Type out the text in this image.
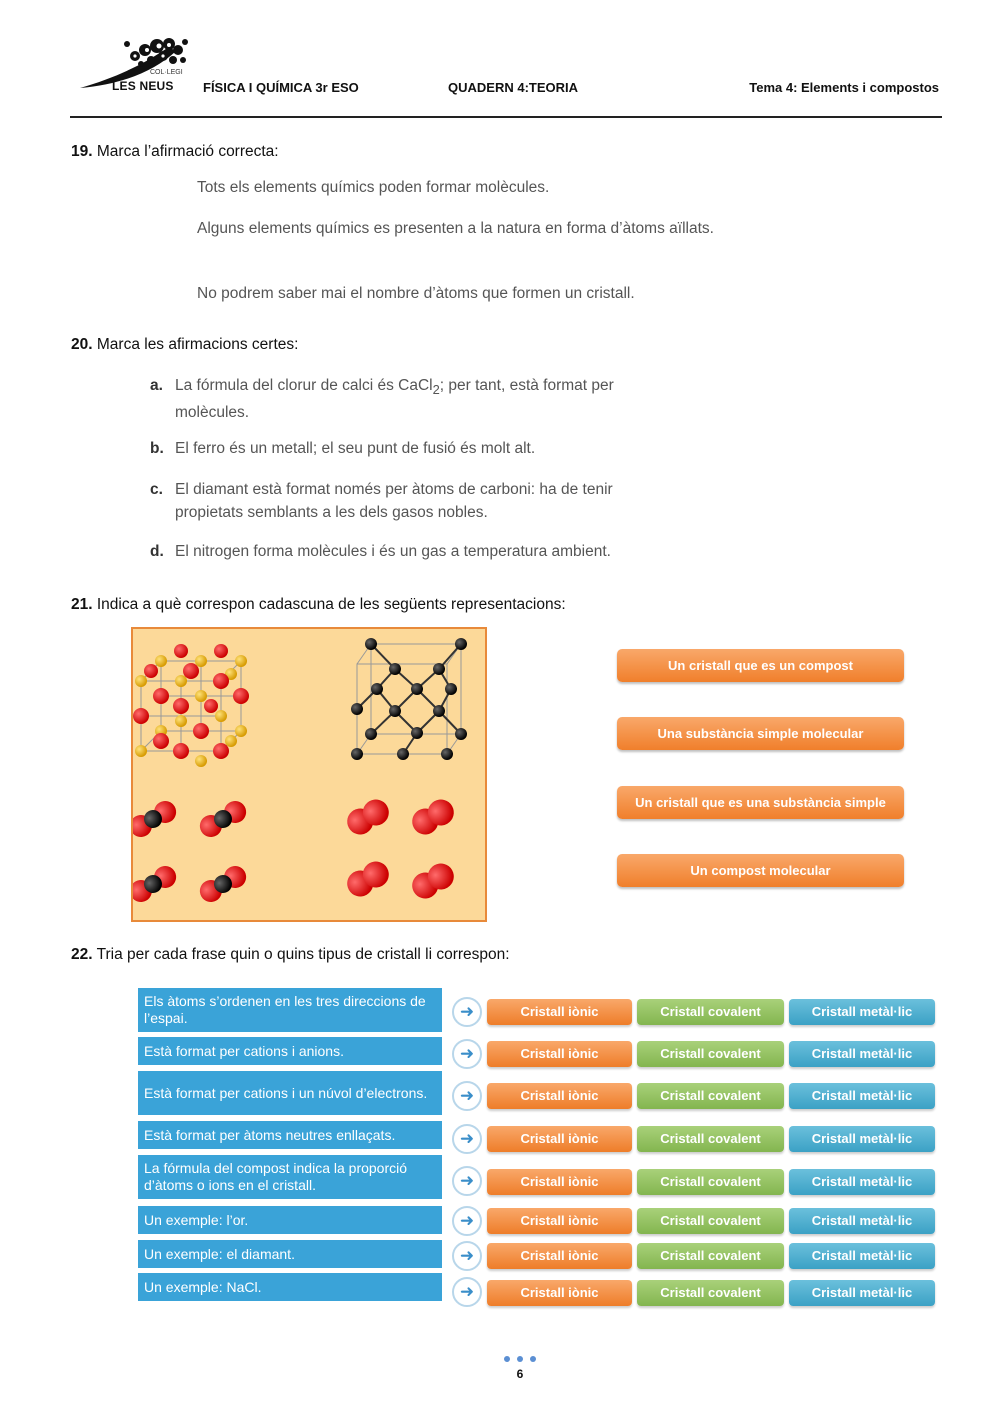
COL·LEGI
LES NEUS FÍSICA I QUÍMICA 3r ESO	QUADERN 4:TEORIA	Tema 4: Elements i compostos
19. Marca l’afirmació correcta:
Tots els elements químics poden formar molècules.
Alguns elements químics es presenten a la natura en forma d’àtoms aïllats.
No podrem saber mai el nombre d’àtoms que formen un cristall.
20. Marca les afirmacions certes:
a. La fórmula del clorur de calci és CaCl$_2$; per tant, està format per molècules.
b. El ferro és un metall; el seu punt de fusió és molt alt.
c. El diamant està format només per àtoms de carboni: ha de tenir propietats semblants a les dels gasos nobles.
d. El nitrogen forma molècules i és un gas a temperatura ambient.
21. Indica a què correspon cadascuna de les següents representacions:
Un cristall que es un compost
Una substància simple molecular
Un cristall que es una substància simple
Un compost molecular
22. Tria per cada frase quin o quins tipus de cristall li correspon:
Els àtoms s’ordenen en les tres direccions de l’espai.	➜	Cristall iònic	Cristall covalent	Cristall metàl·lic
Està format per cations i anions.	➜	Cristall iònic	Cristall covalent	Cristall metàl·lic
Està format per cations i un núvol d’electrons.	➜	Cristall iònic	Cristall covalent	Cristall metàl·lic
Està format per àtoms neutres enllaçats.	➜	Cristall iònic	Cristall covalent	Cristall metàl·lic
La fórmula del compost indica la proporció d’àtoms o ions en el cristall.	➜	Cristall iònic	Cristall covalent	Cristall metàl·lic
Un exemple: l’or.	➜	Cristall iònic	Cristall covalent	Cristall metàl·lic
Un exemple: el diamant.	➜	Cristall iònic	Cristall covalent	Cristall metàl·lic
Un exemple: NaCl.	➜	Cristall iònic	Cristall covalent	Cristall metàl·lic
6
